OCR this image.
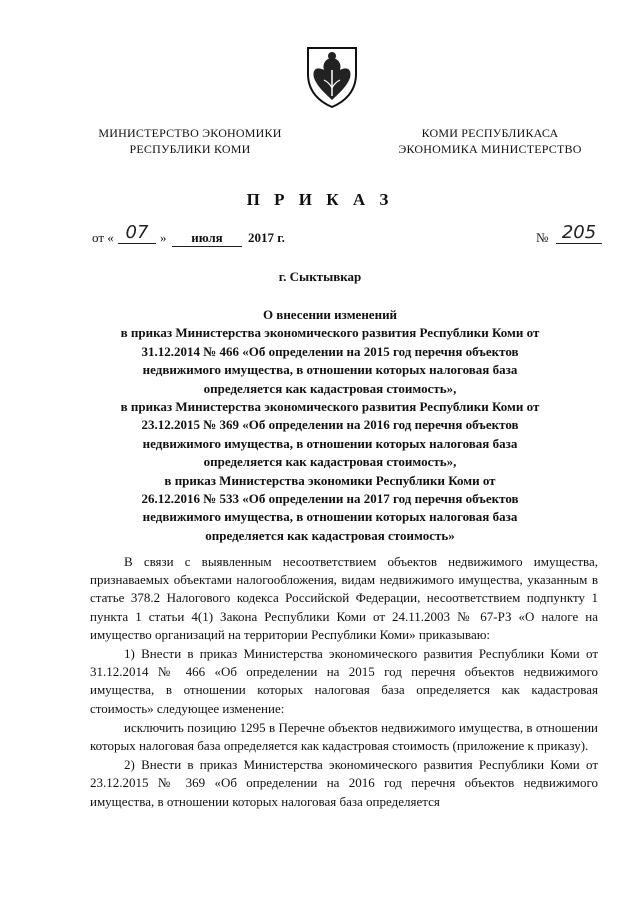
МИНИСТЕРСТВО ЭКОНОМИКИ
РЕСПУБЛИКИ КОМИ
КОМИ РЕСПУБЛИКАСА
ЭКОНОМИКА МИНИСТЕРСТВО
П Р И К А З
от « 07 »	июля	2017 г.	№ 205
г. Сыктывкар
О внесении изменений
в приказ Министерства экономического развития Республики Коми от
31.12.2014 № 466 «Об определении на 2015 год перечня объектов
недвижимого имущества, в отношении которых налоговая база
определяется как кадастровая стоимость»,
в приказ Министерства экономического развития Республики Коми от
23.12.2015 № 369 «Об определении на 2016 год перечня объектов
недвижимого имущества, в отношении которых налоговая база
определяется как кадастровая стоимость»,
в приказ Министерства экономики Республики Коми от
26.12.2016 № 533 «Об определении на 2017 год перечня объектов
недвижимого имущества, в отношении которых налоговая база
определяется как кадастровая стоимость»

В связи с выявленным несоответствием объектов недвижимого имущества, признаваемых объектами налогообложения, видам недвижимого имущества, указанным в статье 378.2 Налогового кодекса Российской Федерации, несоответствием подпункту 1 пункта 1 статьи 4(1) Закона Республики Коми от 24.11.2003 № 67-РЗ «О налоге на имущество организаций на территории Республики Коми» приказываю:

1) Внести в приказ Министерства экономического развития Республики Коми от 31.12.2014 № 466 «Об определении на 2015 год перечня объектов недвижимого имущества, в отношении которых налоговая база определяется как кадастровая стоимость» следующее изменение:

исключить позицию 1295 в Перечне объектов недвижимого имущества, в отношении которых налоговая база определяется как кадастровая стоимость (приложение к приказу).

2) Внести в приказ Министерства экономического развития Республики Коми от 23.12.2015 № 369 «Об определении на 2016 год перечня объектов недвижимого имущества, в отношении которых налоговая база определяется
